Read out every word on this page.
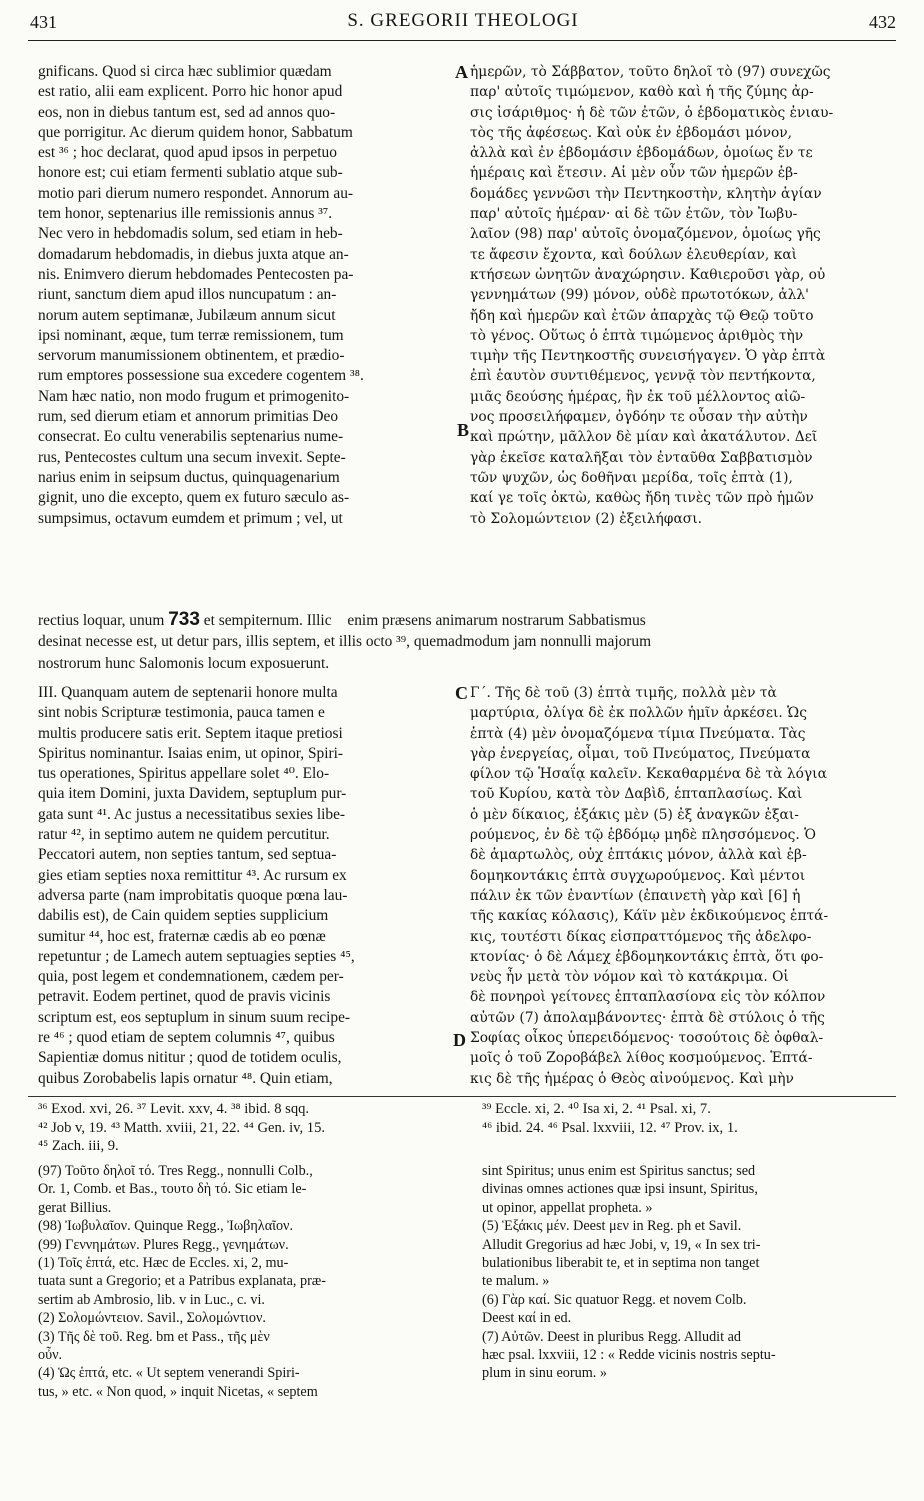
431	S. GREGORII THEOLOGI	432
gnificans. Quod si circa hæc sublimior quædam
est ratio, alii eam explicent. Porro hic honor apud
eos, non in diebus tantum est, sed ad annos quo-
que porrigitur. Ac dierum quidem honor, Sabbatum
est ³⁶ ; hoc declarat, quod apud ipsos in perpetuo
honore est; cui etiam fermenti sublatio atque sub-
motio pari dierum numero respondet. Annorum au-
tem honor, septenarius ille remissionis annus ³⁷.
Nec vero in hebdomadis solum, sed etiam in heb-
domadarum hebdomadis, in diebus juxta atque an-
nis. Enimvero dierum hebdomades Pentecosten pa-
riunt, sanctum diem apud illos nuncupatum : an-
norum autem septimanæ, Jubilæum annum sicut
ipsi nominant, æque, tum terræ remissionem, tum
servorum manumissionem obtinentem, et prædio-
rum emptores possessione sua excedere cogentem ³⁸.
Nam hæc natio, non modo frugum et primogenito-
rum, sed dierum etiam et annorum primitias Deo
consecrat. Eo cultu venerabilis septenarius nume-
rus, Pentecostes cultum una secum invexit. Septe-
narius enim in seipsum ductus, quinquagenarium
gignit, uno die excepto, quem ex futuro sæculo as-
sumpsimus, octavum eumdem et primum ; vel, ut
ἡμερῶν, τὸ Σάββατον, τοῦτο δηλοῖ τὸ (97) συνεχῶς
παρ' αὐτοῖς τιμώμενον, καθὸ καὶ ἡ τῆς ζύμης ἀρ-
σις ἰσάριθμος· ἡ δὲ τῶν ἐτῶν, ὁ ἑβδοματικὸς ἐνιαυ-
τὸς τῆς ἀφέσεως. Καὶ οὐκ ἐν ἑβδομάσι μόνον,
ἀλλὰ καὶ ἐν ἑβδομάσιν ἑβδομάδων, ὁμοίως ἔν τε
ἡμέραις καὶ ἔτεσιν. Αἱ μὲν οὖν τῶν ἡμερῶν ἑβ-
δομάδες γεννῶσι τὴν Πεντηκοστὴν, κλητὴν ἁγίαν
παρ' αὐτοῖς ἡμέραν· αἱ δὲ τῶν ἐτῶν, τὸν Ἰωβυ-
λαῖον (98) παρ' αὐτοῖς ὀνομαζόμενον, ὁμοίως γῆς
τε ἄφεσιν ἔχοντα, καὶ δούλων ἐλευθερίαν, καὶ
κτήσεων ὠνητῶν ἀναχώρησιν. Καθιεροῦσι γὰρ, οὐ
γεννημάτων (99) μόνον, οὐδὲ πρωτοτόκων, ἀλλ'
ἤδη καὶ ἡμερῶν καὶ ἐτῶν ἀπαρχὰς τῷ Θεῷ τοῦτο
τὸ γένος. Οὕτως ὁ ἑπτὰ τιμώμενος ἀριθμὸς τὴν
τιμὴν τῆς Πεντηκοστῆς συνεισήγαγεν. Ὁ γὰρ ἑπτὰ
ἐπὶ ἑαυτὸν συντιθέμενος, γεννᾷ τὸν πεντήκοντα,
μιᾶς δεούσης ἡμέρας, ἣν ἐκ τοῦ μέλλοντος αἰῶ-
νος προσειλήφαμεν, ὀγδόην τε οὖσαν τὴν αὐτὴν
καὶ πρώτην, μᾶλλον δὲ μίαν καὶ ἀκατάλυτον. Δεῖ
γὰρ ἐκεῖσε καταλῆξαι τὸν ἐνταῦθα Σαββατισμὸν
τῶν ψυχῶν, ὡς δοθῆναι μερίδα, τοῖς ἑπτὰ (1),
καί γε τοῖς ὀκτὼ, καθὼς ἤδη τινὲς τῶν πρὸ ἡμῶν
τὸ Σολομώντειον (2) ἐξειλήφασι.
A
B
C
D
rectius loquar, unum 733 et sempiternum. Illic enim præsens animarum nostrarum Sabbatismus
desinat necesse est, ut detur pars, illis septem, et illis octo ³⁹, quemadmodum jam nonnulli majorum
nostrorum hunc Salomonis locum exposuerunt.
III. Quanquam autem de septenarii honore multa
sint nobis Scripturæ testimonia, pauca tamen e
multis producere satis erit. Septem itaque pretiosi
Spiritus nominantur. Isaias enim, ut opinor, Spiri-
tus operationes, Spiritus appellare solet ⁴⁰. Elo-
quia item Domini, juxta Davidem, septuplum pur-
gata sunt ⁴¹. Ac justus a necessitatibus sexies libe-
ratur ⁴², in septimo autem ne quidem percutitur.
Peccatori autem, non septies tantum, sed septua-
gies etiam septies noxa remittitur ⁴³. Ac rursum ex
adversa parte (nam improbitatis quoque pœna lau-
dabilis est), de Cain quidem septies supplicium
sumitur ⁴⁴, hoc est, fraternæ cædis ab eo pœnæ
repetuntur ; de Lamech autem septuagies septies ⁴⁵,
quia, post legem et condemnationem, cædem per-
petravit. Eodem pertinet, quod de pravis vicinis
scriptum est, eos septuplum in sinum suum recipe-
re ⁴⁶ ; quod etiam de septem columnis ⁴⁷, quibus
Sapientiæ domus nititur ; quod de totidem oculis,
quibus Zorobabelis lapis ornatur ⁴⁸. Quin etiam,
Γ΄. Τῆς δὲ τοῦ (3) ἑπτὰ τιμῆς, πολλὰ μὲν τὰ
μαρτύρια, ὀλίγα δὲ ἐκ πολλῶν ἡμῖν ἀρκέσει. Ὡς
ἑπτὰ (4) μὲν ὀνομαζόμενα τίμια Πνεύματα. Τὰς
γὰρ ἐνεργείας, οἶμαι, τοῦ Πνεύματος, Πνεύματα
φίλον τῷ Ἡσαΐᾳ καλεῖν. Κεκαθαρμένα δὲ τὰ λόγια
τοῦ Κυρίου, κατὰ τὸν Δαβὶδ, ἑπταπλασίως. Καὶ
ὁ μὲν δίκαιος, ἑξάκις μὲν (5) ἐξ ἀναγκῶν ἐξαι-
ρούμενος, ἐν δὲ τῷ ἑβδόμῳ μηδὲ πλησσόμενος. Ὁ
δὲ ἁμαρτωλὸς, οὐχ ἑπτάκις μόνον, ἀλλὰ καὶ ἑβ-
δομηκοντάκις ἑπτὰ συγχωρούμενος. Καὶ μέντοι
πάλιν ἐκ τῶν ἐναντίων (ἐπαινετὴ γὰρ καὶ [6] ἡ
τῆς κακίας κόλασις), Κάϊν μὲν ἐκδικούμενος ἑπτά-
κις, τουτέστι δίκας εἰσπραττόμενος τῆς ἀδελφο-
κτονίας· ὁ δὲ Λάμεχ ἑβδομηκοντάκις ἑπτὰ, ὅτι φο-
νεὺς ἦν μετὰ τὸν νόμον καὶ τὸ κατάκριμα. Οἱ
δὲ πονηροὶ γείτονες ἑπταπλασίονα εἰς τὸν κόλπον
αὐτῶν (7) ἀπολαμβάνοντες· ἑπτὰ δὲ στύλοις ὁ τῆς
Σοφίας οἶκος ὑπερειδόμενος· τοσούτοις δὲ ὀφθαλ-
μοῖς ὁ τοῦ Ζοροβάβελ λίθος κοσμούμενος. Ἑπτά-
κις δὲ τῆς ἡμέρας ὁ Θεὸς αἰνούμενος. Καὶ μὴν
³⁶ Exod. xvi, 26. ³⁷ Levit. xxv, 4. ³⁸ ibid. 8 sqq.
⁴² Job v, 19. ⁴³ Matth. xviii, 21, 22. ⁴⁴ Gen. iv, 15.
⁴⁵ Zach. iii, 9.
³⁹ Eccle. xi, 2. ⁴⁰ Isa xi, 2. ⁴¹ Psal. xi, 7.
⁴⁶ ibid. 24. ⁴⁶ Psal. lxxviii, 12. ⁴⁷ Prov. ix, 1.
(97) Τοῦτο δηλοῖ τό. Tres Regg., nonnulli Colb.,
Or. 1, Comb. et Bas., τουτο δὴ τό. Sic etiam le-
gerat Billius.
(98) Ἰωβυλαῖον. Quinque Regg., Ἰωβηλαῖον.
(99) Γεννημάτων. Plures Regg., γενημάτων.
(1) Τοῖς ἑπτά, etc. Hæc de Eccles. xi, 2, mu-
tuata sunt a Gregorio; et a Patribus explanata, præ-
sertim ab Ambrosio, lib. v in Luc., c. vi.
(2) Σολομώντειον. Savil., Σολομώντιον.
(3) Τῆς δὲ τοῦ. Reg. bm et Pass., τῆς μὲν
οὖν.
(4) Ὡς ἑπτά, etc. « Ut septem venerandi Spiri-
tus, » etc. « Non quod, » inquit Nicetas, « septem
sint Spiritus; unus enim est Spiritus sanctus; sed
divinas omnes actiones quæ ipsi insunt, Spiritus,
ut opinor, appellat propheta. »
(5) Ἑξάκις μέν. Deest μεν in Reg. ph et Savil.
Alludit Gregorius ad hæc Jobi, v, 19, « In sex tri-
bulationibus liberabit te, et in septima non tanget
te malum. »
(6) Γὰρ καί. Sic quatuor Regg. et novem Colb.
Deest καί in ed.
(7) Αὐτῶν. Deest in pluribus Regg. Alludit ad
hæc psal. lxxviii, 12 : « Redde vicinis nostris septu-
plum in sinu eorum. »
